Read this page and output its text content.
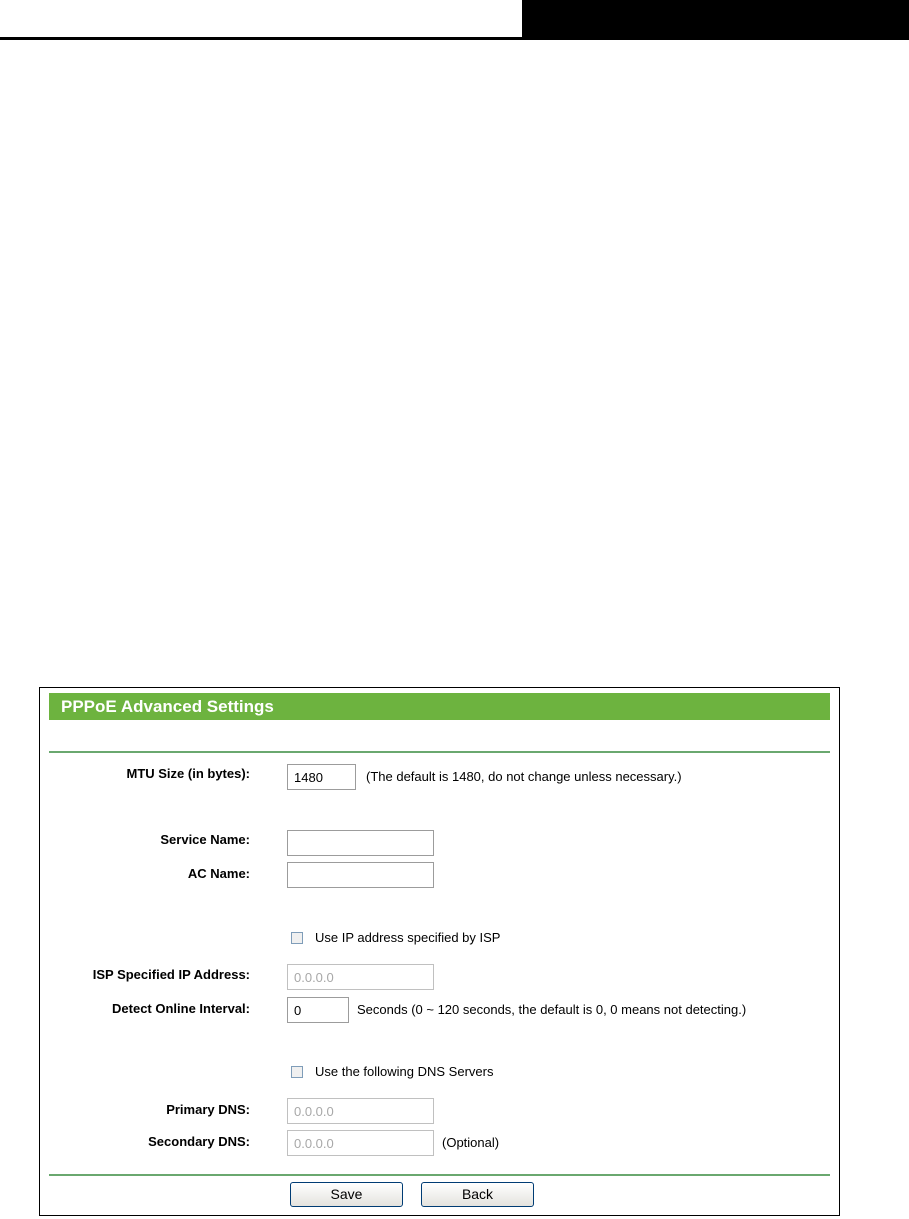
PPPoE Advanced Settings
MTU Size (in bytes):
1480	(The default is 1480, do not change unless necessary.)
Service Name:
AC Name:
Use IP address specified by ISP
ISP Specified IP Address:
0.0.0.0
Detect Online Interval:
0	Seconds (0 ~ 120 seconds, the default is 0, 0 means not detecting.)
Use the following DNS Servers
Primary DNS:
0.0.0.0
Secondary DNS:
0.0.0.0	(Optional)
Save	Back
